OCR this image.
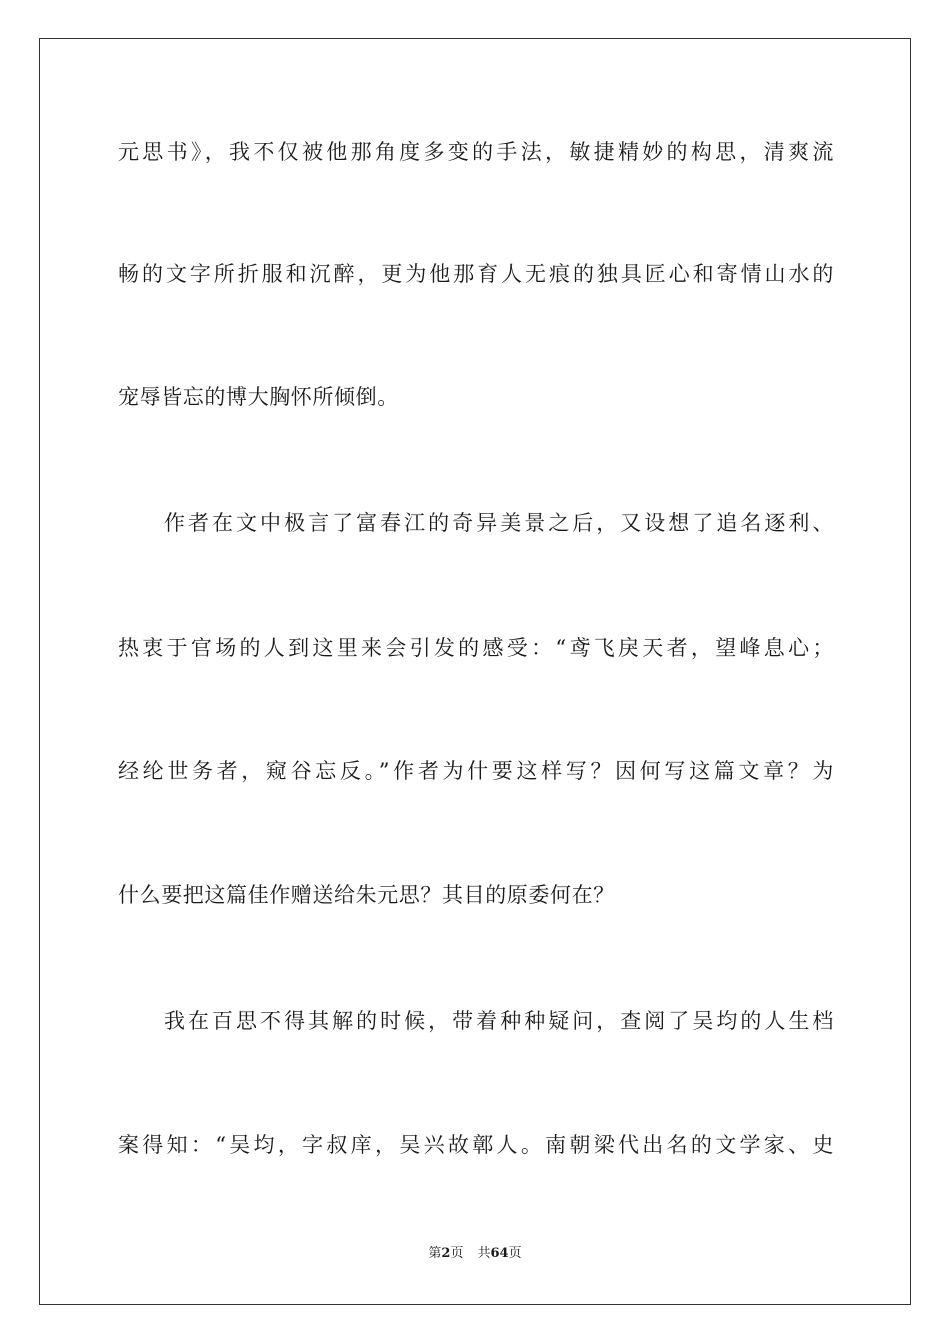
元思书》，我不仅被他那角度多变的手法，敏捷精妙的构思，清爽流
畅的文字所折服和沉醉，更为他那育人无痕的独具匠心和寄情山水的
宠辱皆忘的博大胸怀所倾倒。
作者在文中极言了富春江的奇异美景之后，又设想了追名逐利、
热衷于官场的人到这里来会引发的感受：“鸢飞戾天者，望峰息心；
经纶世务者，窥谷忘反。”作者为什要这样写？因何写这篇文章？为
什么要把这篇佳作赠送给朱元思？其目的原委何在？
我在百思不得其解的时候，带着种种疑问，查阅了吴均的人生档
案得知：“吴均，字叔庠，吴兴故鄣人。南朝梁代出名的文学家、史
第2页 共64页
